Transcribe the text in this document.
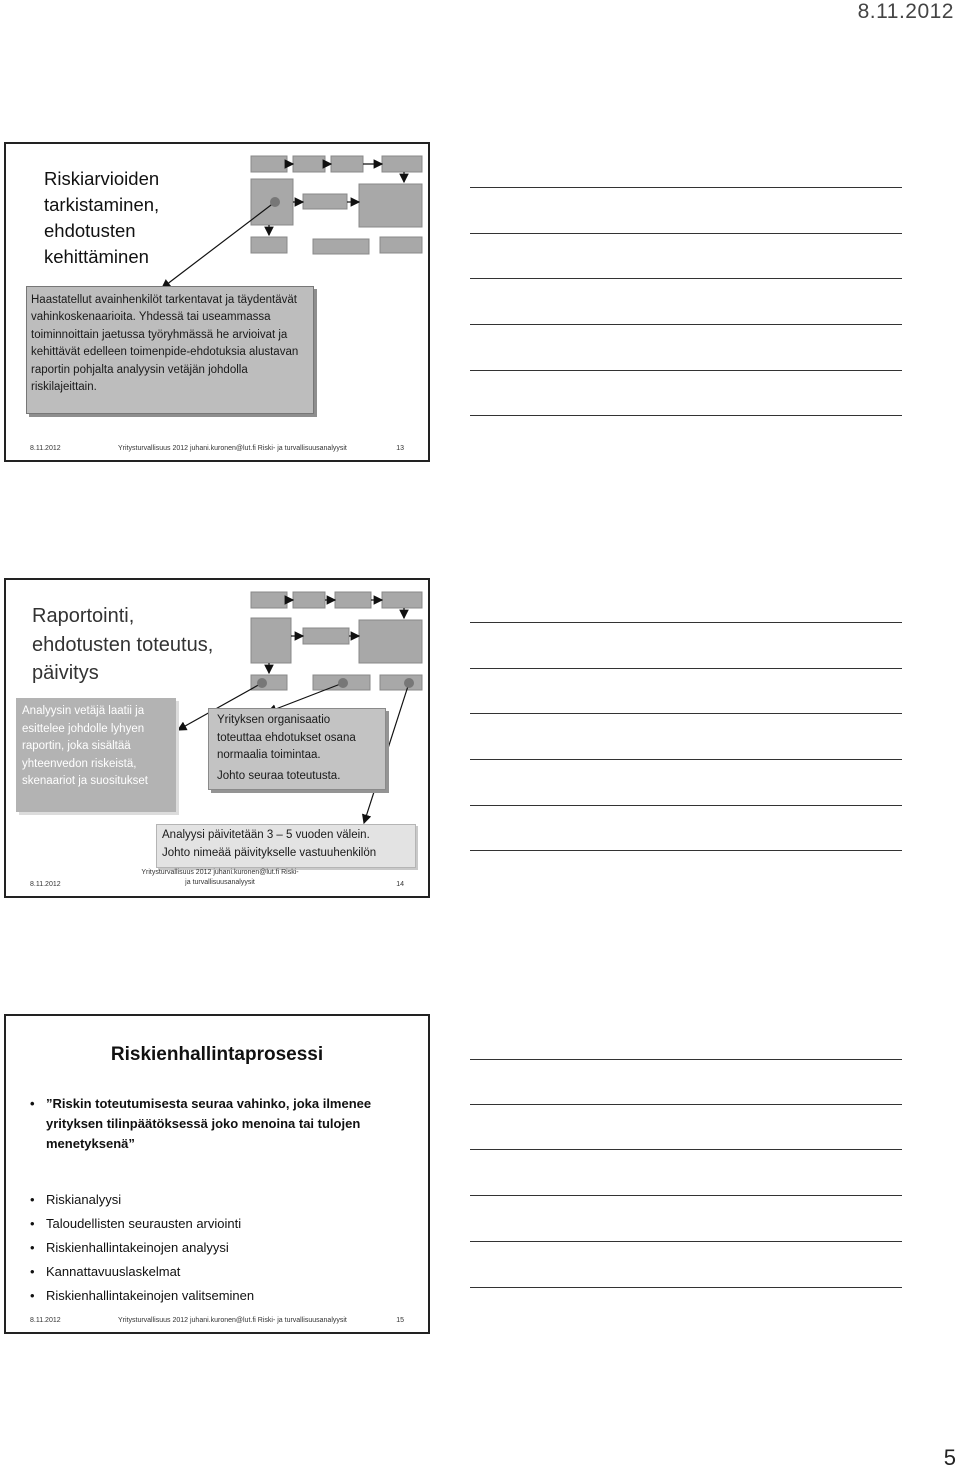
8.11.2012
Riskiarvioiden
tarkistaminen,
ehdotusten
kehittäminen
Haastatellut avainhenkilöt tarkentavat ja täydentävät vahinkoskenaarioita. Yhdessä tai useammassa toiminnoittain jaetussa työryhmässä he arvioivat ja kehittävät edelleen toimenpide-ehdotuksia alustavan raportin pohjalta analyysin vetäjän johdolla riskilajeittain.
8.11.2012	Yritysturvallisuus 2012 juhani.kuronen@lut.fi Riski- ja turvallisuusanalyysit	13
Raportointi,
ehdotusten toteutus,
päivitys
Analyysin vetäjä laatii ja esittelee johdolle lyhyen raportin, joka sisältää yhteenvedon riskeistä, skenaariot ja suositukset
Yrityksen organisaatio toteuttaa ehdotukset osana normaalia toimintaa.
Johto seuraa toteutusta.
Analyysi päivitetään 3 – 5 vuoden välein.
Johto nimeää päivitykselle vastuuhenkilön
8.11.2012
Yritysturvallisuus 2012 juhani.kuronen@lut.fi Riski- ja turvallisuusanalyysit	14
Riskienhallintaprosessi
• ”Riskin toteutumisesta seuraa vahinko, joka ilmenee yrityksen tilinpäätöksessä joko menoina tai tulojen menetyksenä”
• Riskianalyysi
• Taloudellisten seurausten arviointi
• Riskienhallintakeinojen analyysi
• Kannattavuuslaskelmat
• Riskienhallintakeinojen valitseminen
8.11.2012	Yritysturvallisuus 2012 juhani.kuronen@lut.fi Riski- ja turvallisuusanalyysit	15
5
